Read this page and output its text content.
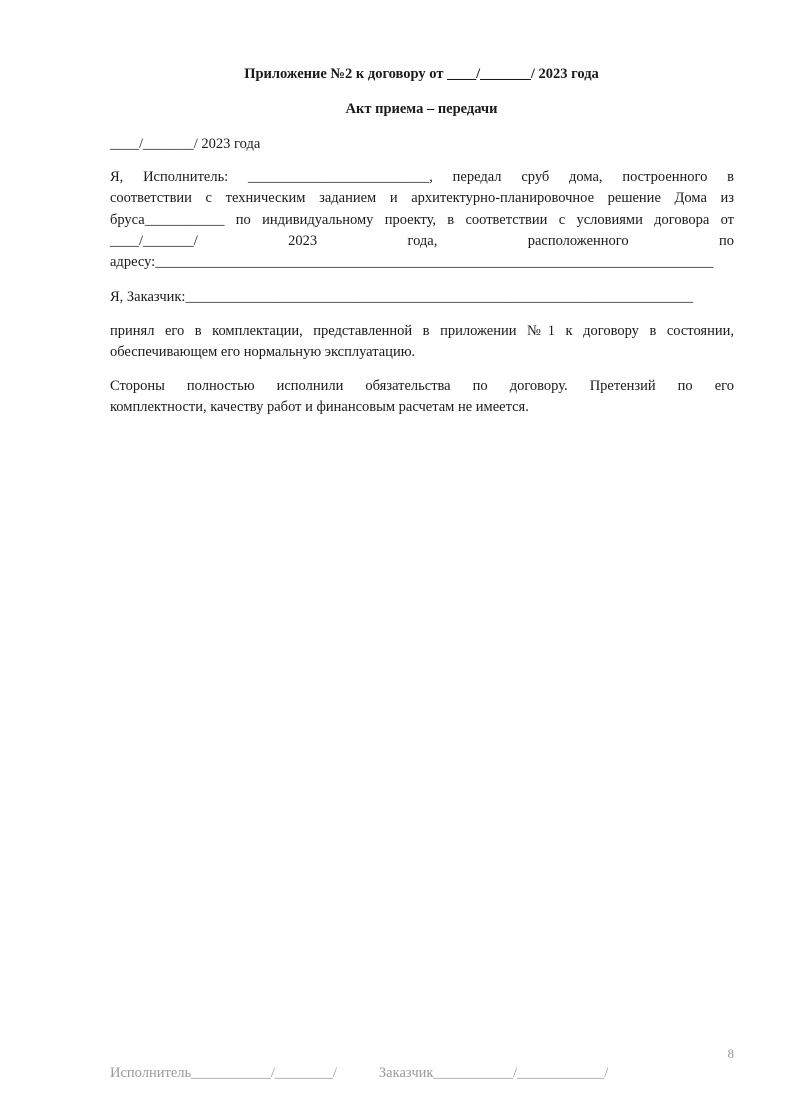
Приложение №2 к договору от ____/_______/ 2023 года
Акт приема – передачи
____/_______/ 2023 года
Я, Исполнитель: _________________________, передал сруб дома, построенного в
соответствии с техническим заданием и архитектурно-планировочное решение Дома из
бруса___________ по индивидуальному проекту, в соответствии с условиями договора от
____/_______/ 2023 года, расположенного по
адресу:_____________________________________________________________________________
Я, Заказчик:______________________________________________________________________
принял его в комплектации, представленной в приложении №1 к договору в состоянии,
обеспечивающем его нормальную эксплуатацию.
Стороны полностью исполнили обязательства по договору. Претензий по его
комплектности, качеству работ и финансовым расчетам не имеется.
8
Исполнитель___________/________/	Заказчик___________/____________/
